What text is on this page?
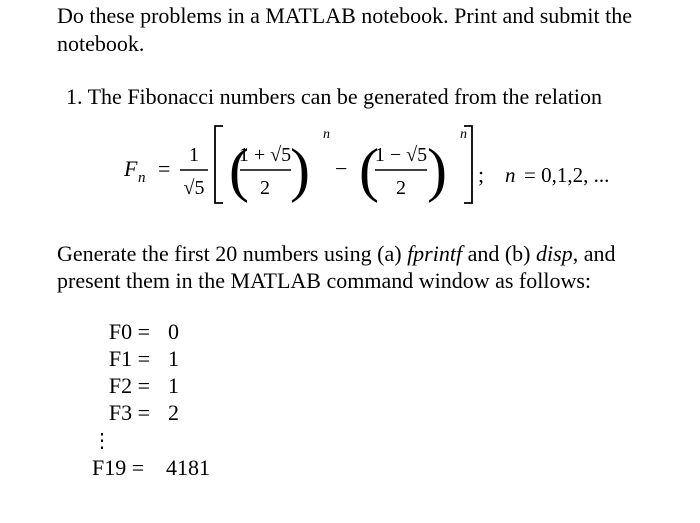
Do these problems in a MATLAB notebook. Print and submit the
notebook.
1. The Fibonacci numbers can be generated from the relation
F n =
1
√5 (
1 + √5
2 )
n
− (
1 − √5
2 )
n
; n = 0,1,2, ...
Generate the first 20 numbers using (a) fprintf and (b) disp, and
present them in the MATLAB command window as follows:
F0 = 0
F1 = 1
F2 = 1
F3 = 2
⋮
F19 = 4181
